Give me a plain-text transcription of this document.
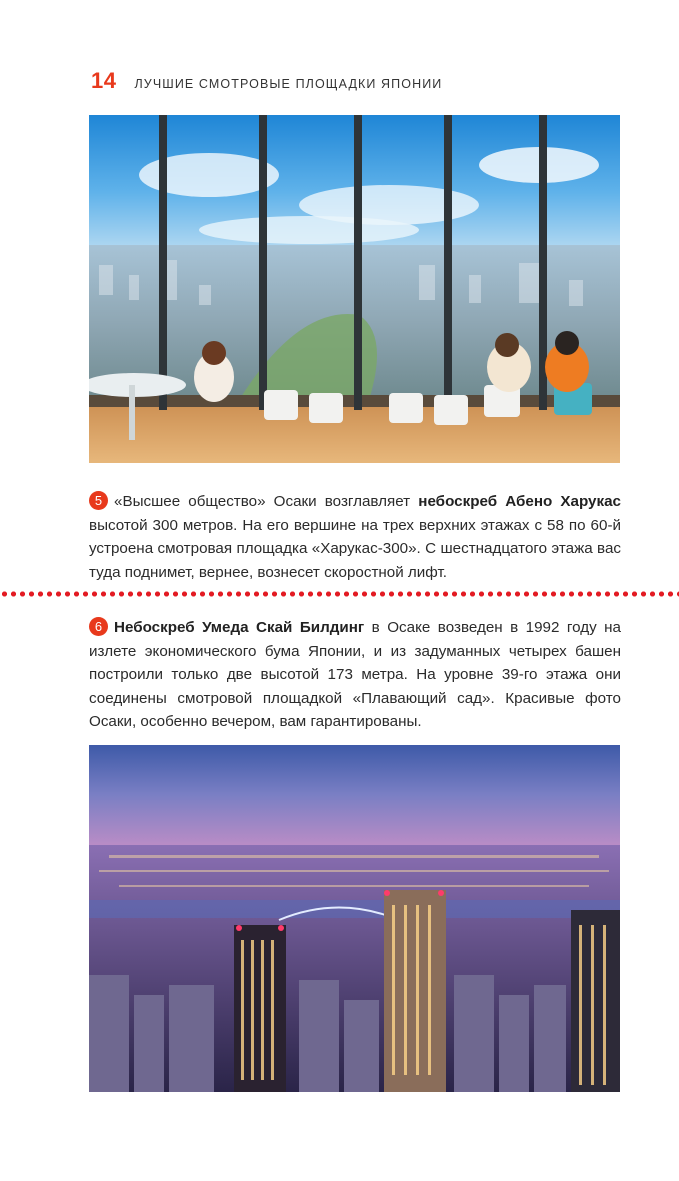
14 ЛУЧШИЕ СМОТРОВЫЕ ПЛОЩАДКИ ЯПОНИИ
5 «Высшее общество» Осаки возглавляет небоскреб Абено Харукас высотой 300 метров. На его вершине на трех верхних этажах с 58 по 60-й устроена смотровая площадка «Харукас-300». С шестнадцатого этажа вас туда поднимет, вернее, вознесет скоростной лифт.
6 Небоскреб Умеда Скай Билдинг в Осаке возведен в 1992 году на излете экономического бума Японии, и из задуманных четырех башен построили только две высотой 173 метра. На уровне 39-го этажа они соединены смотровой площадкой «Плавающий сад». Красивые фото Осаки, особенно вечером, вам гарантированы.
